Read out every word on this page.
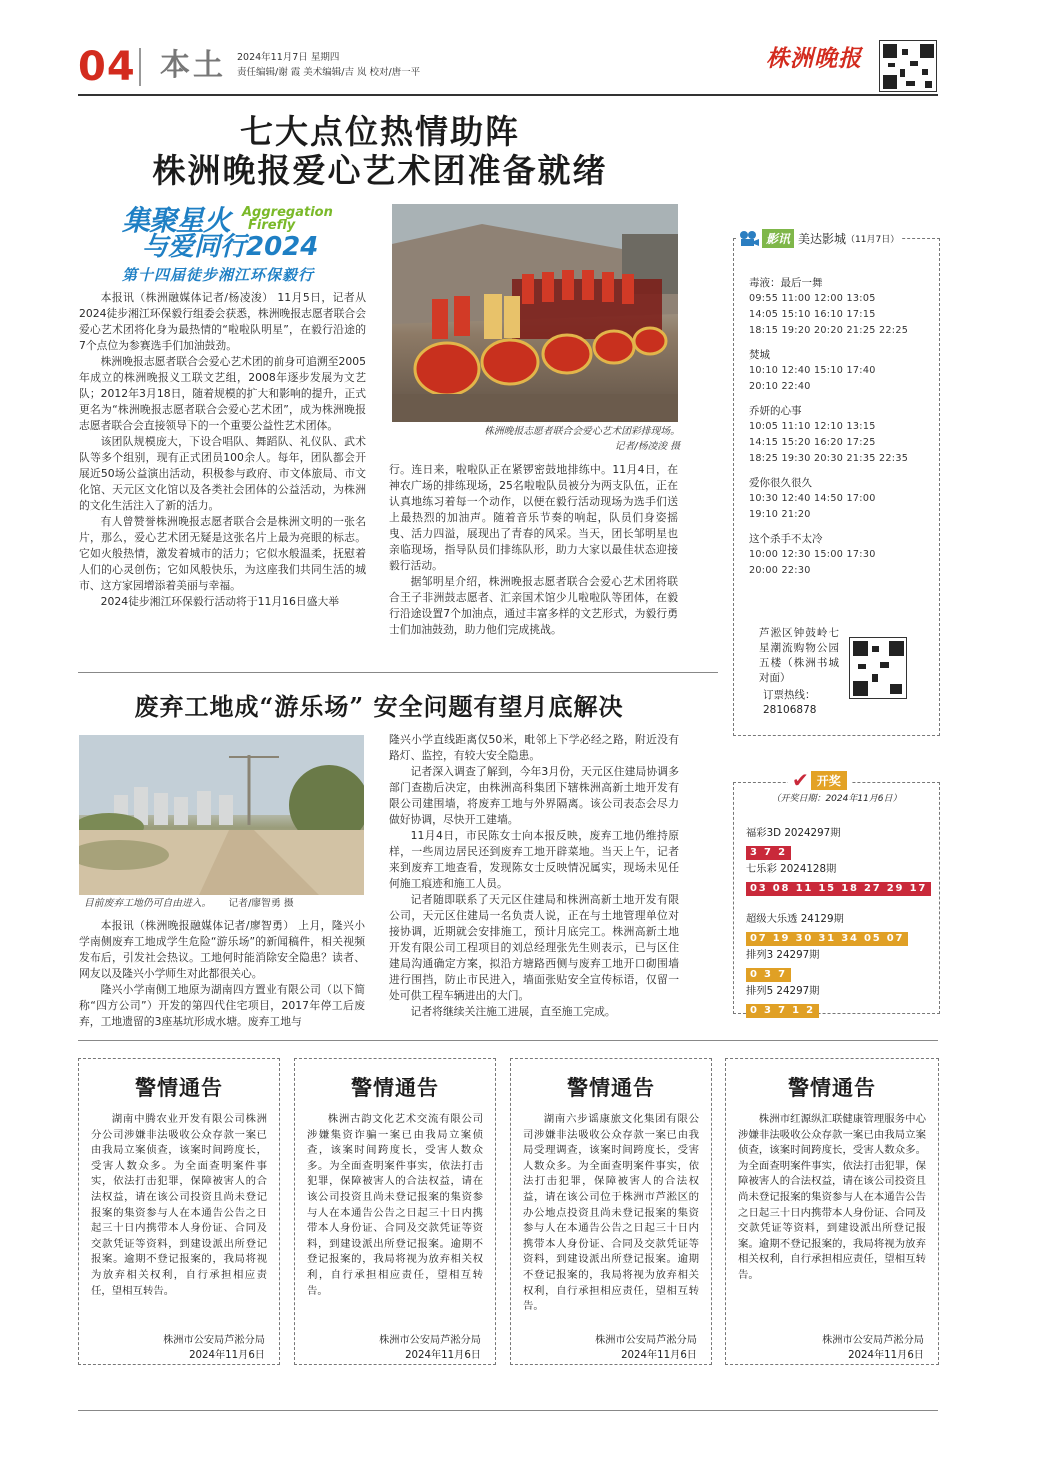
04 本土 2024年11月7日 星期四
责任编辑/谢 霞 美术编辑/吉 岚 校对/唐一平
株洲晚报
七大点位热情助阵
株洲晚报爱心艺术团准备就绪
集聚星火
与爱同行2024
Aggregation
Firefly
第十四届徒步湘江环保毅行

本报讯（株洲融媒体记者/杨凌浚） 11月5日，记者从2024徒步湘江环保毅行组委会获悉，株洲晚报志愿者联合会爱心艺术团将化身为最热情的“啦啦队明星”，在毅行沿途的7个点位为参赛选手们加油鼓劲。

株洲晚报志愿者联合会爱心艺术团的前身可追溯至2005年成立的株洲晚报义工联文艺组，2008年逐步发展为文艺队；2012年3月18日，随着规模的扩大和影响的提升，正式更名为“株洲晚报志愿者联合会爱心艺术团”，成为株洲晚报志愿者联合会直接领导下的一个重要公益性艺术团体。

该团队规模庞大，下设合唱队、舞蹈队、礼仪队、武术队等多个组别，现有正式团员100余人。每年，团队都会开展近50场公益演出活动，积极参与政府、市文体旅局、市文化馆、天元区文化馆以及各类社会团体的公益活动，为株洲的文化生活注入了新的活力。

有人曾赞誉株洲晚报志愿者联合会是株洲文明的一张名片，那么，爱心艺术团无疑是这张名片上最为亮眼的标志。它如火般热情，激发着城市的活力；它似水般温柔，抚慰着人们的心灵创伤；它如风般快乐，为这座我们共同生活的城市、这方家园增添着美丽与幸福。

2024徒步湘江环保毅行活动将于11月16日盛大举

株洲晚报志愿者联合会爱心艺术团彩排现场。
记者/杨凌浚 摄

行。连日来，啦啦队正在紧锣密鼓地排练中。11月4日，在神农广场的排练现场，25名啦啦队员被分为两支队伍，正在认真地练习着每一个动作，以便在毅行活动现场为选手们送上最热烈的加油声。随着音乐节奏的响起，队员们身姿摇曳、活力四溢，展现出了青春的风采。当天，团长邹明星也亲临现场，指导队员们排练队形，助力大家以最佳状态迎接毅行活动。

据邹明星介绍，株洲晚报志愿者联合会爱心艺术团将联合王子非洲鼓志愿者、汇亲国术馆少儿啦啦队等团体，在毅行沿途设置7个加油点，通过丰富多样的文艺形式，为毅行勇士们加油鼓劲，助力他们完成挑战。

废弃工地成“游乐场” 安全问题有望月底解决
目前废弃工地仍可自由进入。 记者/廖智勇 摄

本报讯（株洲晚报融媒体记者/廖智勇） 上月，隆兴小学南侧废弃工地成学生危险“游乐场”的新闻稿件，相关视频发布后，引发社会热议。工地何时能消除安全隐患？读者、网友以及隆兴小学师生对此都很关心。

隆兴小学南侧工地原为湖南四方置业有限公司（以下简称“四方公司”）开发的第四代住宅项目，2017年停工后废弃，工地遗留的3座基坑形成水塘。废弃工地与

隆兴小学直线距离仅50米，毗邻上下学必经之路，附近没有路灯、监控，有较大安全隐患。

记者深入调查了解到，今年3月份，天元区住建局协调多部门查勘后决定，由株洲高科集团下辖株洲高新土地开发有限公司建围墙，将废弃工地与外界隔离。该公司表态会尽力做好协调，尽快开工建墙。

11月4日，市民陈女士向本报反映，废弃工地仍维持原样，一些周边居民还到废弃工地开辟菜地。当天上午，记者来到废弃工地查看，发现陈女士反映情况属实，现场未见任何施工痕迹和施工人员。

记者随即联系了天元区住建局和株洲高新土地开发有限公司，天元区住建局一名负责人说，正在与土地管理单位对接协调，近期就会安排施工，预计月底完工。株洲高新土地开发有限公司工程项目的刘总经理张先生则表示，已与区住建局沟通确定方案，拟沿方塘路西侧与废弃工地开口砌围墙进行围挡，防止市民进入，墙面张贴安全宣传标语，仅留一处可供工程车辆进出的大门。

记者将继续关注施工进展，直至施工完成。

影讯 美达影城 （11月7日）
毒液：最后一舞
09:55 11:00 12:00 13:05
14:05 15:10 16:10 17:15
18:15 19:20 20:20 21:25 22:25
焚城
10:10 12:40 15:10 17:40
20:10 22:40
乔妍的心事
10:05 11:10 12:10 13:15
14:15 15:20 16:20 17:25
18:25 19:30 20:30 21:35 22:35
爱你很久很久
10:30 12:40 14:50 17:00
19:10 21:20
这个杀手不太冷
10:00 12:30 15:00 17:30
20:00 22:30
芦淞区钟鼓岭七星潮流购物公园五楼（株洲书城对面）
订票热线：
28106878
✔ 开奖
（开奖日期：2024年11月6日）
福彩3D 2024297期
3 7 2
七乐彩 2024128期
03 08 11 15 18 27 29 17
超级大乐透 24129期
07 19 30 31 34 05 07
排列3 24297期
0 3 7
排列5 24297期
0 3 7 1 2
警情通告
湖南中腾农业开发有限公司株洲分公司涉嫌非法吸收公众存款一案已由我局立案侦查，该案时间跨度长，受害人数众多。为全面查明案件事实，依法打击犯罪，保障被害人的合法权益，请在该公司投资且尚未登记报案的集资参与人在本通告公告之日起三十日内携带本人身份证、合同及交款凭证等资料，到建设派出所登记报案。逾期不登记报案的，我局将视为放弃相关权利，自行承担相应责任，望相互转告。
株洲市公安局芦淞分局
2024年11月6日
警情通告
株洲古韵文化艺术交流有限公司涉嫌集资诈骗一案已由我局立案侦查，该案时间跨度长，受害人数众多。为全面查明案件事实，依法打击犯罪，保障被害人的合法权益，请在该公司投资且尚未登记报案的集资参与人在本通告公告之日起三十日内携带本人身份证、合同及交款凭证等资料，到建设派出所登记报案。逾期不登记报案的，我局将视为放弃相关权利，自行承担相应责任，望相互转告。
株洲市公安局芦淞分局
2024年11月6日
警情通告
湖南六步谣康旅文化集团有限公司涉嫌非法吸收公众存款一案已由我局受理调查，该案时间跨度长，受害人数众多。为全面查明案件事实，依法打击犯罪，保障被害人的合法权益，请在该公司位于株洲市芦淞区的办公地点投资且尚未登记报案的集资参与人在本通告公告之日起三十日内携带本人身份证、合同及交款凭证等资料，到建设派出所登记报案。逾期不登记报案的，我局将视为放弃相关权利，自行承担相应责任，望相互转告。
株洲市公安局芦淞分局
2024年11月6日
警情通告
株洲市红源纵汇联健康管理服务中心涉嫌非法吸收公众存款一案已由我局立案侦查，该案时间跨度长，受害人数众多。为全面查明案件事实，依法打击犯罪，保障被害人的合法权益，请在该公司投资且尚未登记报案的集资参与人在本通告公告之日起三十日内携带本人身份证、合同及交款凭证等资料，到建设派出所登记报案。逾期不登记报案的，我局将视为放弃相关权利，自行承担相应责任，望相互转告。
株洲市公安局芦淞分局
2024年11月6日
